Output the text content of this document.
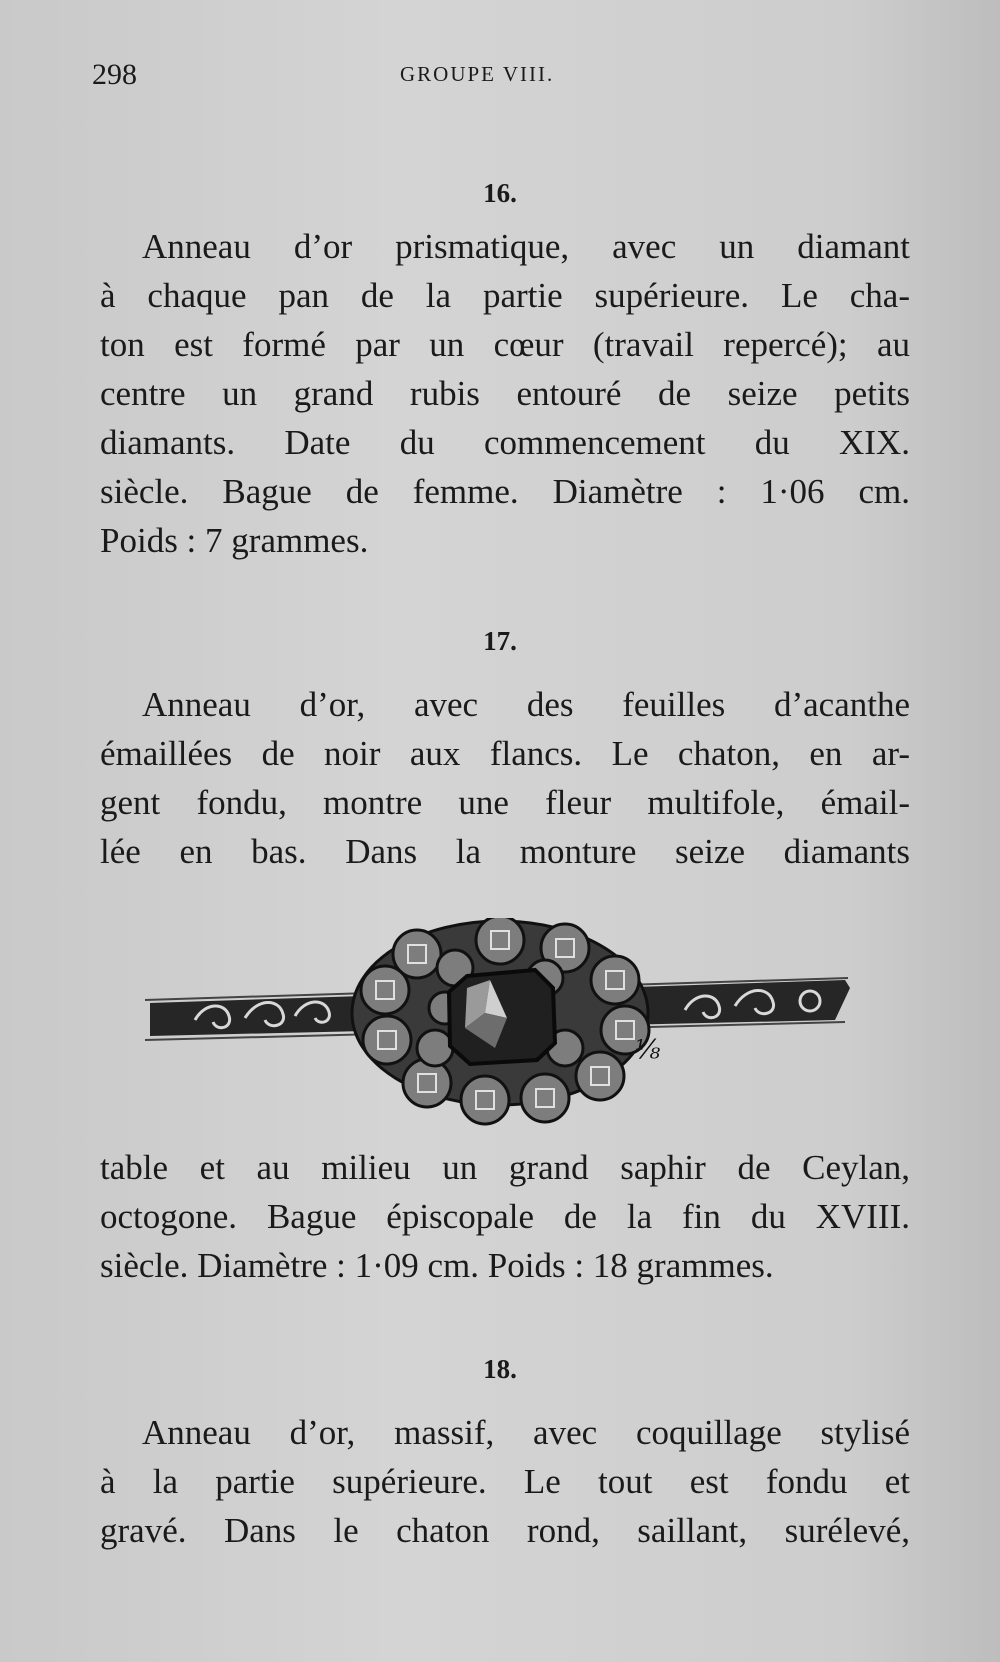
298	GROUPE VIII.
16.
Anneau d’or prismatique, avec un diamant
à chaque pan de la partie supérieure. Le cha-
ton est formé par un cœur (travail repercé); au
centre un grand rubis entouré de seize petits
diamants. Date du commencement du XIX.
siècle. Bague de femme. Diamètre : 1·06 cm.
Poids : 7 grammes.
17.
Anneau d’or, avec des feuilles d’acanthe
émaillées de noir aux flancs. Le chaton, en ar-
gent fondu, montre une fleur multifole, émail-
lée en bas. Dans la monture seize diamants
⅛
table et au milieu un grand saphir de Ceylan,
octogone. Bague épiscopale de la fin du XVIII.
siècle. Diamètre : 1·09 cm. Poids : 18 grammes.
18.
Anneau d’or, massif, avec coquillage stylisé
à la partie supérieure. Le tout est fondu et
gravé. Dans le chaton rond, saillant, surélevé,
